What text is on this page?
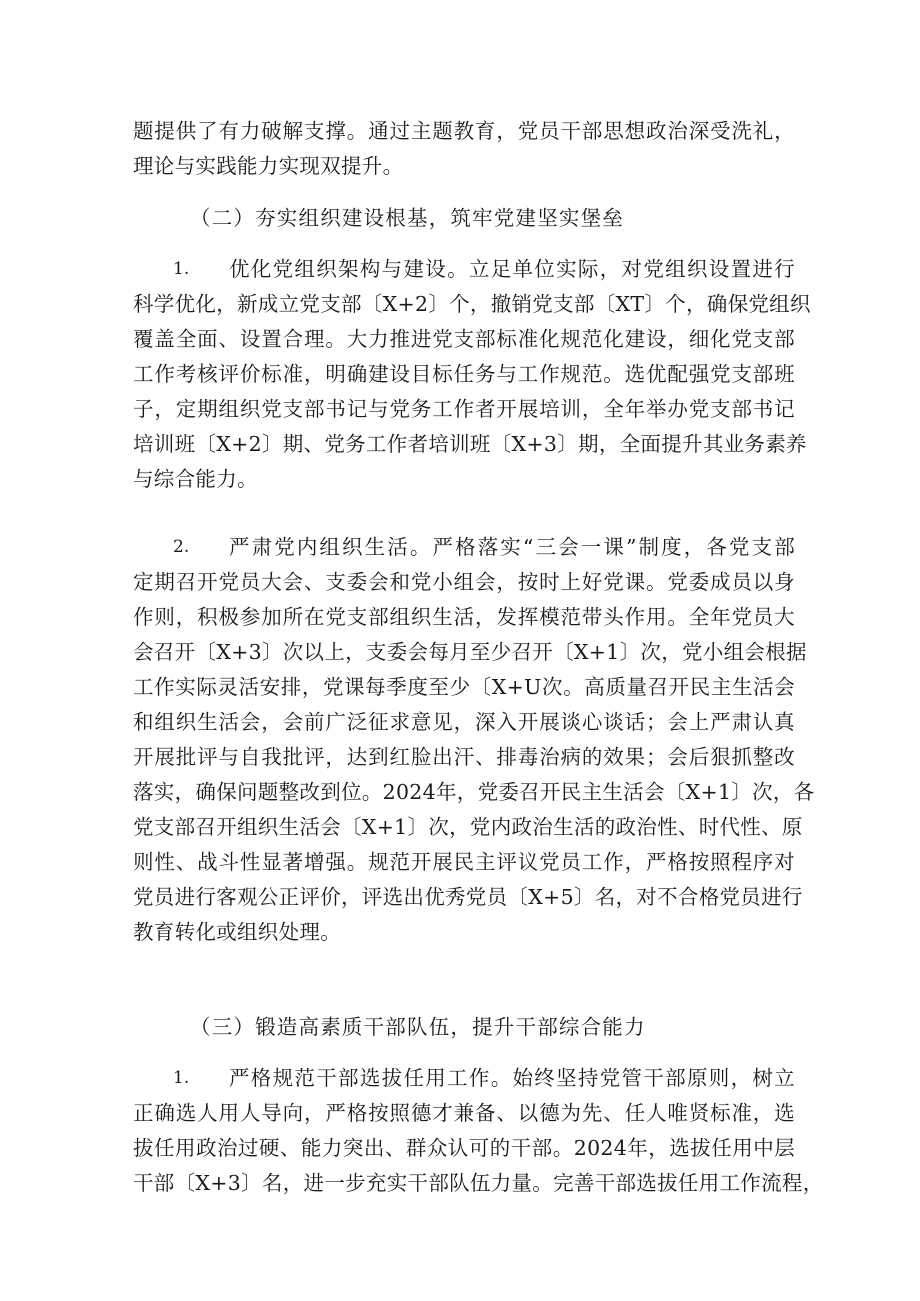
题提供了有力破解支撑。通过主题教育，党员干部思想政治深受洗礼，
理论与实践能力实现双提升。
（二）夯实组织建设根基，筑牢党建坚实堡垒
1. 优化党组织架构与建设。立足单位实际，对党组织设置进行
科学优化，新成立党支部〔X+2〕个，撤销党支部〔XT〕个，确保党组织
覆盖全面、设置合理。大力推进党支部标准化规范化建设，细化党支部
工作考核评价标准，明确建设目标任务与工作规范。选优配强党支部班
子，定期组织党支部书记与党务工作者开展培训，全年举办党支部书记
培训班〔X+2〕期、党务工作者培训班〔X+3〕期，全面提升其业务素养
与综合能力。
2. 严肃党内组织生活。严格落实“三会一课”制度，各党支部
定期召开党员大会、支委会和党小组会，按时上好党课。党委成员以身
作则，积极参加所在党支部组织生活，发挥模范带头作用。全年党员大
会召开〔X+3〕次以上，支委会每月至少召开〔X+1〕次，党小组会根据
工作实际灵活安排，党课每季度至少〔X+U次。高质量召开民主生活会
和组织生活会，会前广泛征求意见，深入开展谈心谈话；会上严肃认真
开展批评与自我批评，达到红脸出汗、排毒治病的效果；会后狠抓整改
落实，确保问题整改到位。2024年，党委召开民主生活会〔X+1〕次，各
党支部召开组织生活会〔X+1〕次，党内政治生活的政治性、时代性、原
则性、战斗性显著增强。规范开展民主评议党员工作，严格按照程序对
党员进行客观公正评价，评选出优秀党员〔X+5〕名，对不合格党员进行
教育转化或组织处理。
（三）锻造高素质干部队伍，提升干部综合能力
1. 严格规范干部选拔任用工作。始终坚持党管干部原则，树立
正确选人用人导向，严格按照德才兼备、以德为先、任人唯贤标准，选
拔任用政治过硬、能力突出、群众认可的干部。2024年，选拔任用中层
干部〔X+3〕名，进一步充实干部队伍力量。完善干部选拔任用工作流程，
